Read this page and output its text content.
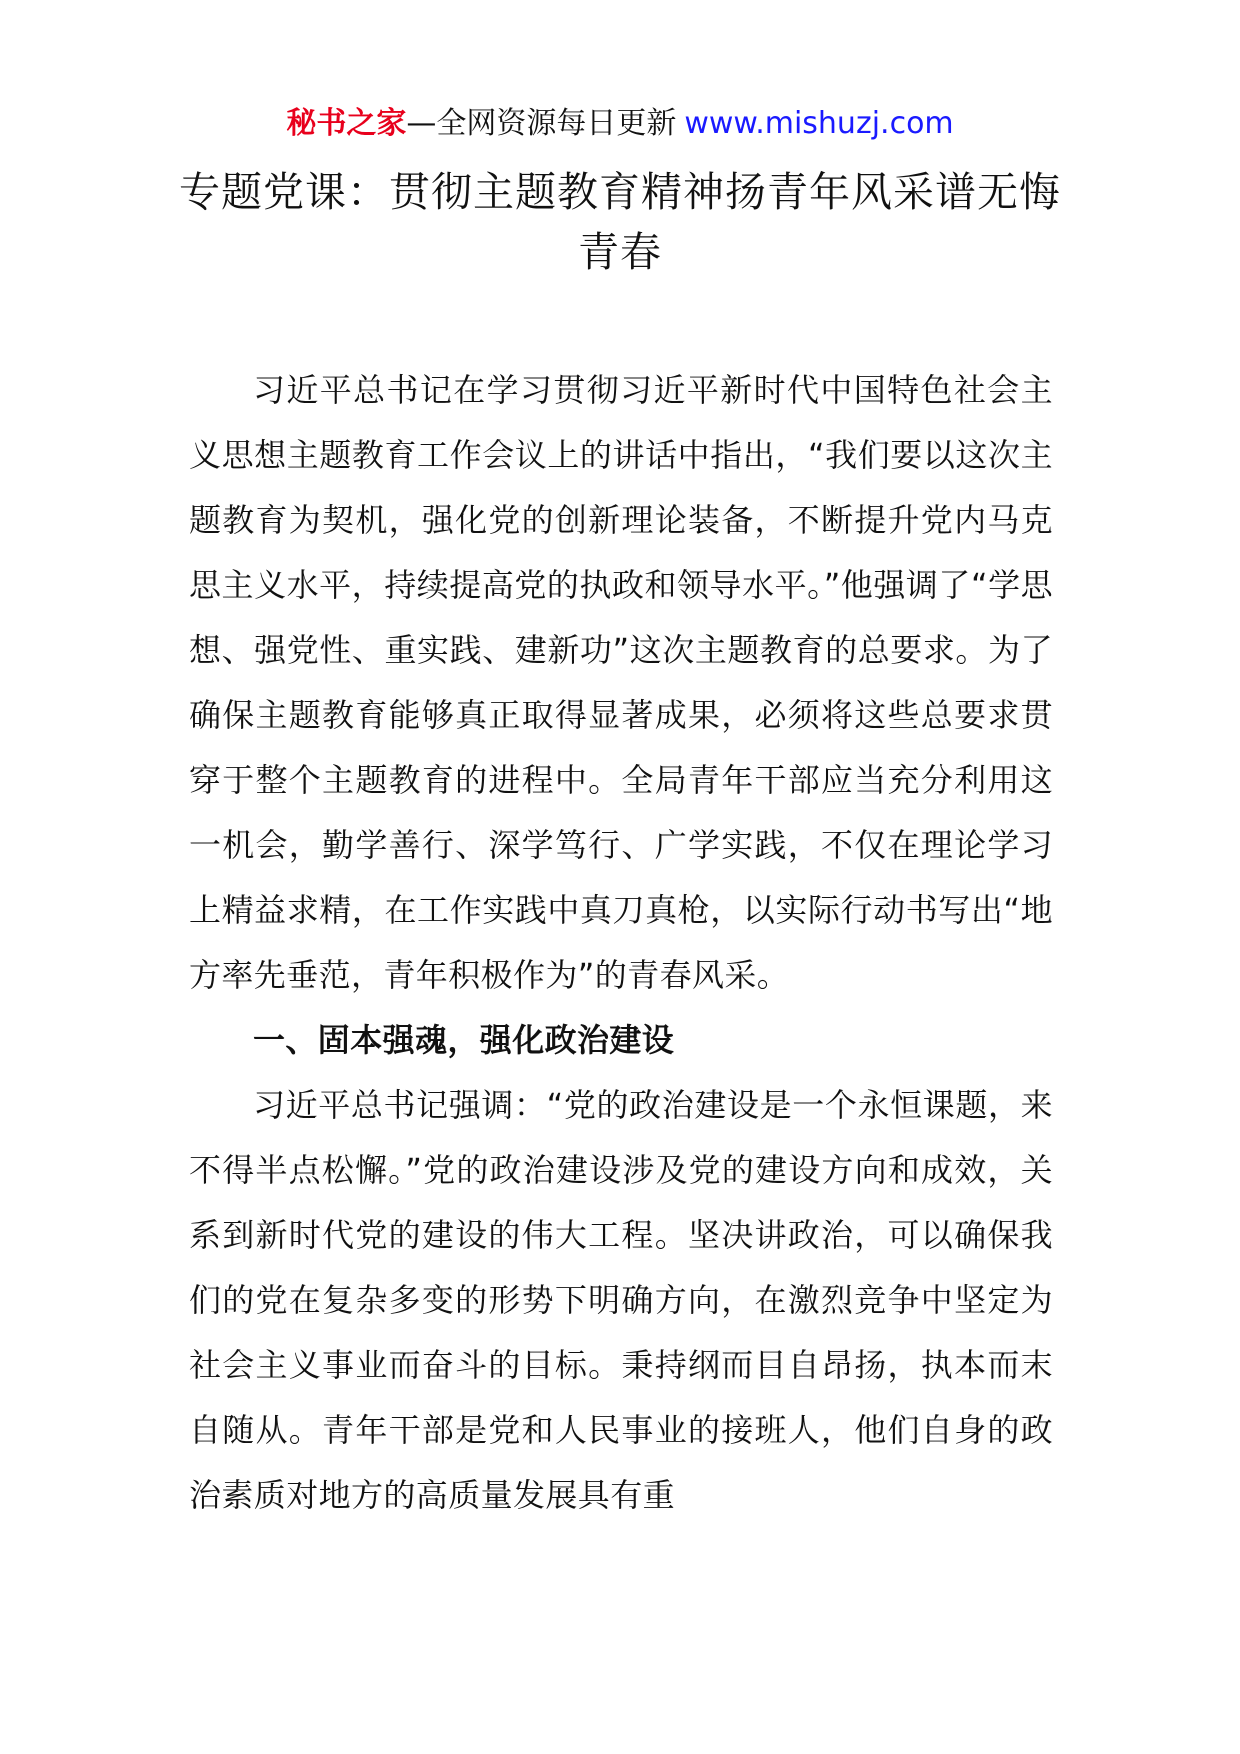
秘书之家—全网资源每日更新 www.mishuzj.com
专题党课：贯彻主题教育精神扬青年风采谱无悔青春

习近平总书记在学习贯彻习近平新时代中国特色社会主义思想主题教育工作会议上的讲话中指出，“我们要以这次主题教育为契机，强化党的创新理论装备，不断提升党内马克思主义水平，持续提高党的执政和领导水平。”他强调了“学思想、强党性、重实践、建新功”这次主题教育的总要求。为了确保主题教育能够真正取得显著成果，必须将这些总要求贯穿于整个主题教育的进程中。全局青年干部应当充分利用这一机会，勤学善行、深学笃行、广学实践，不仅在理论学习上精益求精，在工作实践中真刀真枪，以实际行动书写出“地方率先垂范，青年积极作为”的青春风采。

一、固本强魂，强化政治建设

习近平总书记强调：“党的政治建设是一个永恒课题，来不得半点松懈。”党的政治建设涉及党的建设方向和成效，关系到新时代党的建设的伟大工程。坚决讲政治，可以确保我们的党在复杂多变的形势下明确方向，在激烈竞争中坚定为社会主义事业而奋斗的目标。秉持纲而目自昂扬，执本而末自随从。青年干部是党和人民事业的接班人，他们自身的政治素质对地方的高质量发展具有重
